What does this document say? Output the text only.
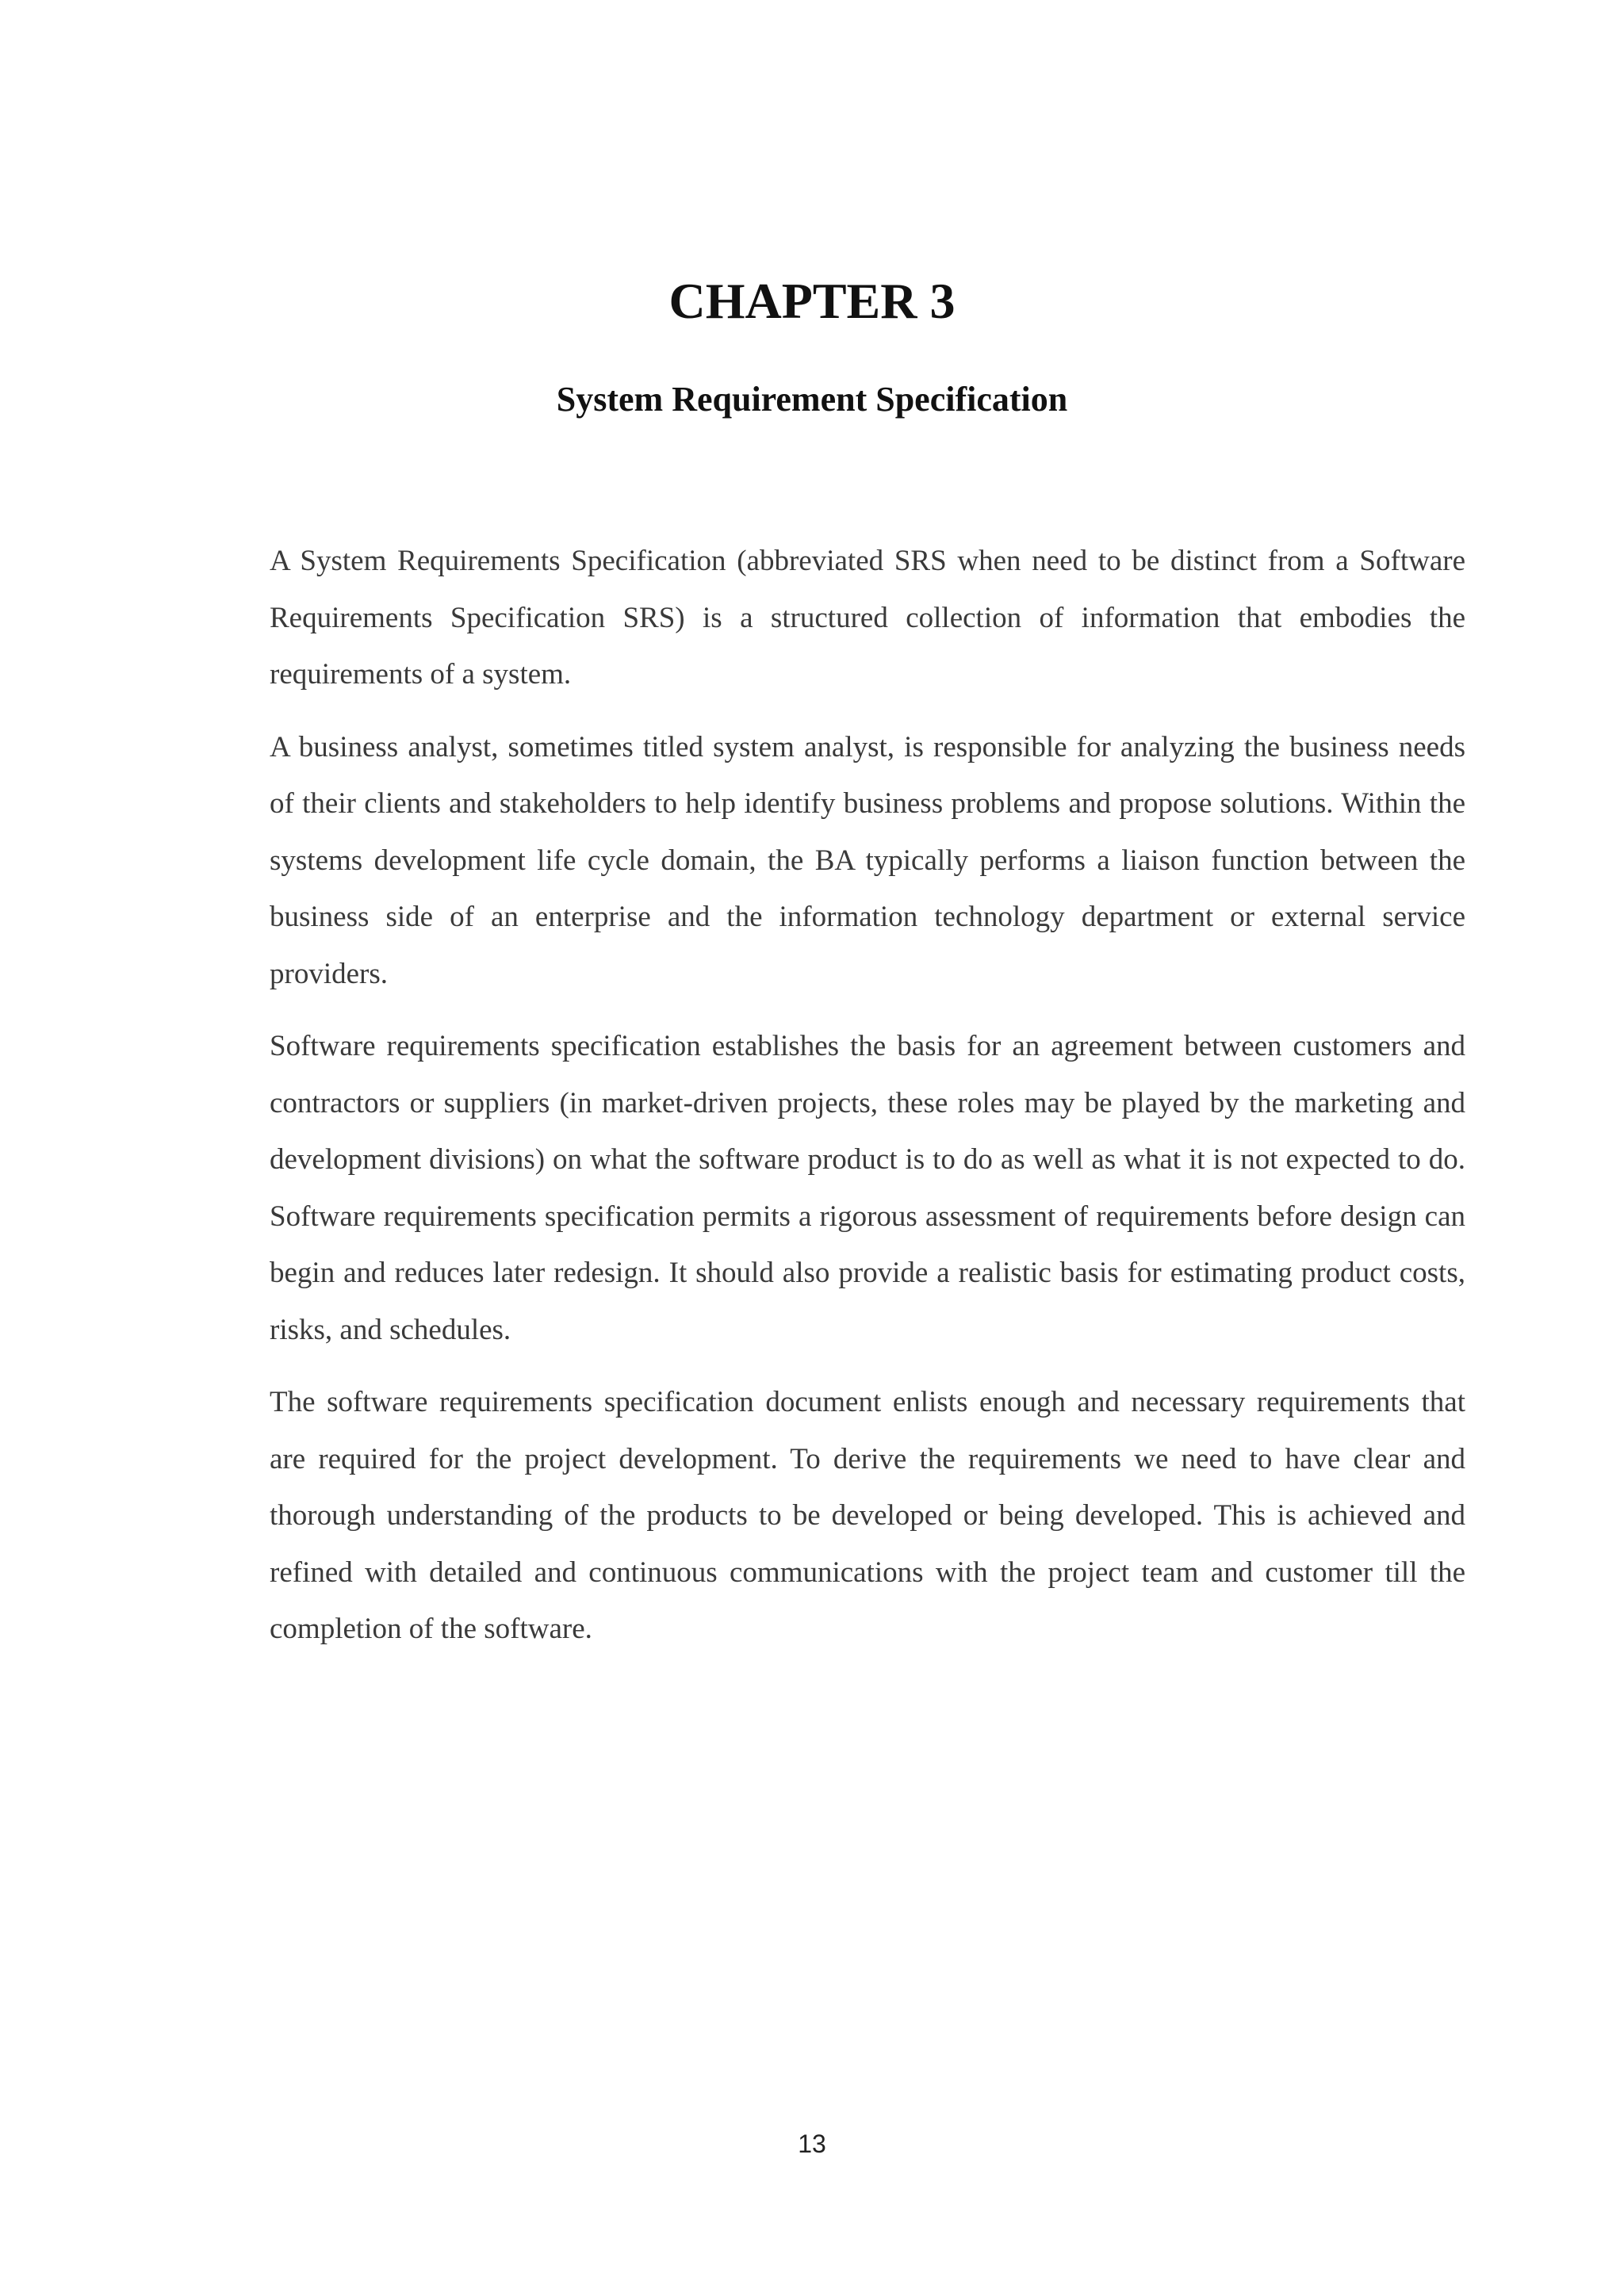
CHAPTER 3
System Requirement Specification

A System Requirements Specification (abbreviated SRS when need to be distinct from a Software Requirements Specification SRS) is a structured collection of information that embodies the requirements of a system.

A business analyst, sometimes titled system analyst, is responsible for analyzing the business needs of their clients and stakeholders to help identify business problems and propose solutions. Within the systems development life cycle domain, the BA typically performs a liaison function between the business side of an enterprise and the information technology department or external service providers.

Software requirements specification establishes the basis for an agreement between customers and contractors or suppliers (in market-driven projects, these roles may be played by the marketing and development divisions) on what the software product is to do as well as what it is not expected to do. Software requirements specification permits a rigorous assessment of requirements before design can begin and reduces later redesign. It should also provide a realistic basis for estimating product costs, risks, and schedules.

The software requirements specification document enlists enough and necessary requirements that are required for the project development. To derive the requirements we need to have clear and thorough understanding of the products to be developed or being developed. This is achieved and refined with detailed and continuous communications with the project team and customer till the completion of the software.

13
